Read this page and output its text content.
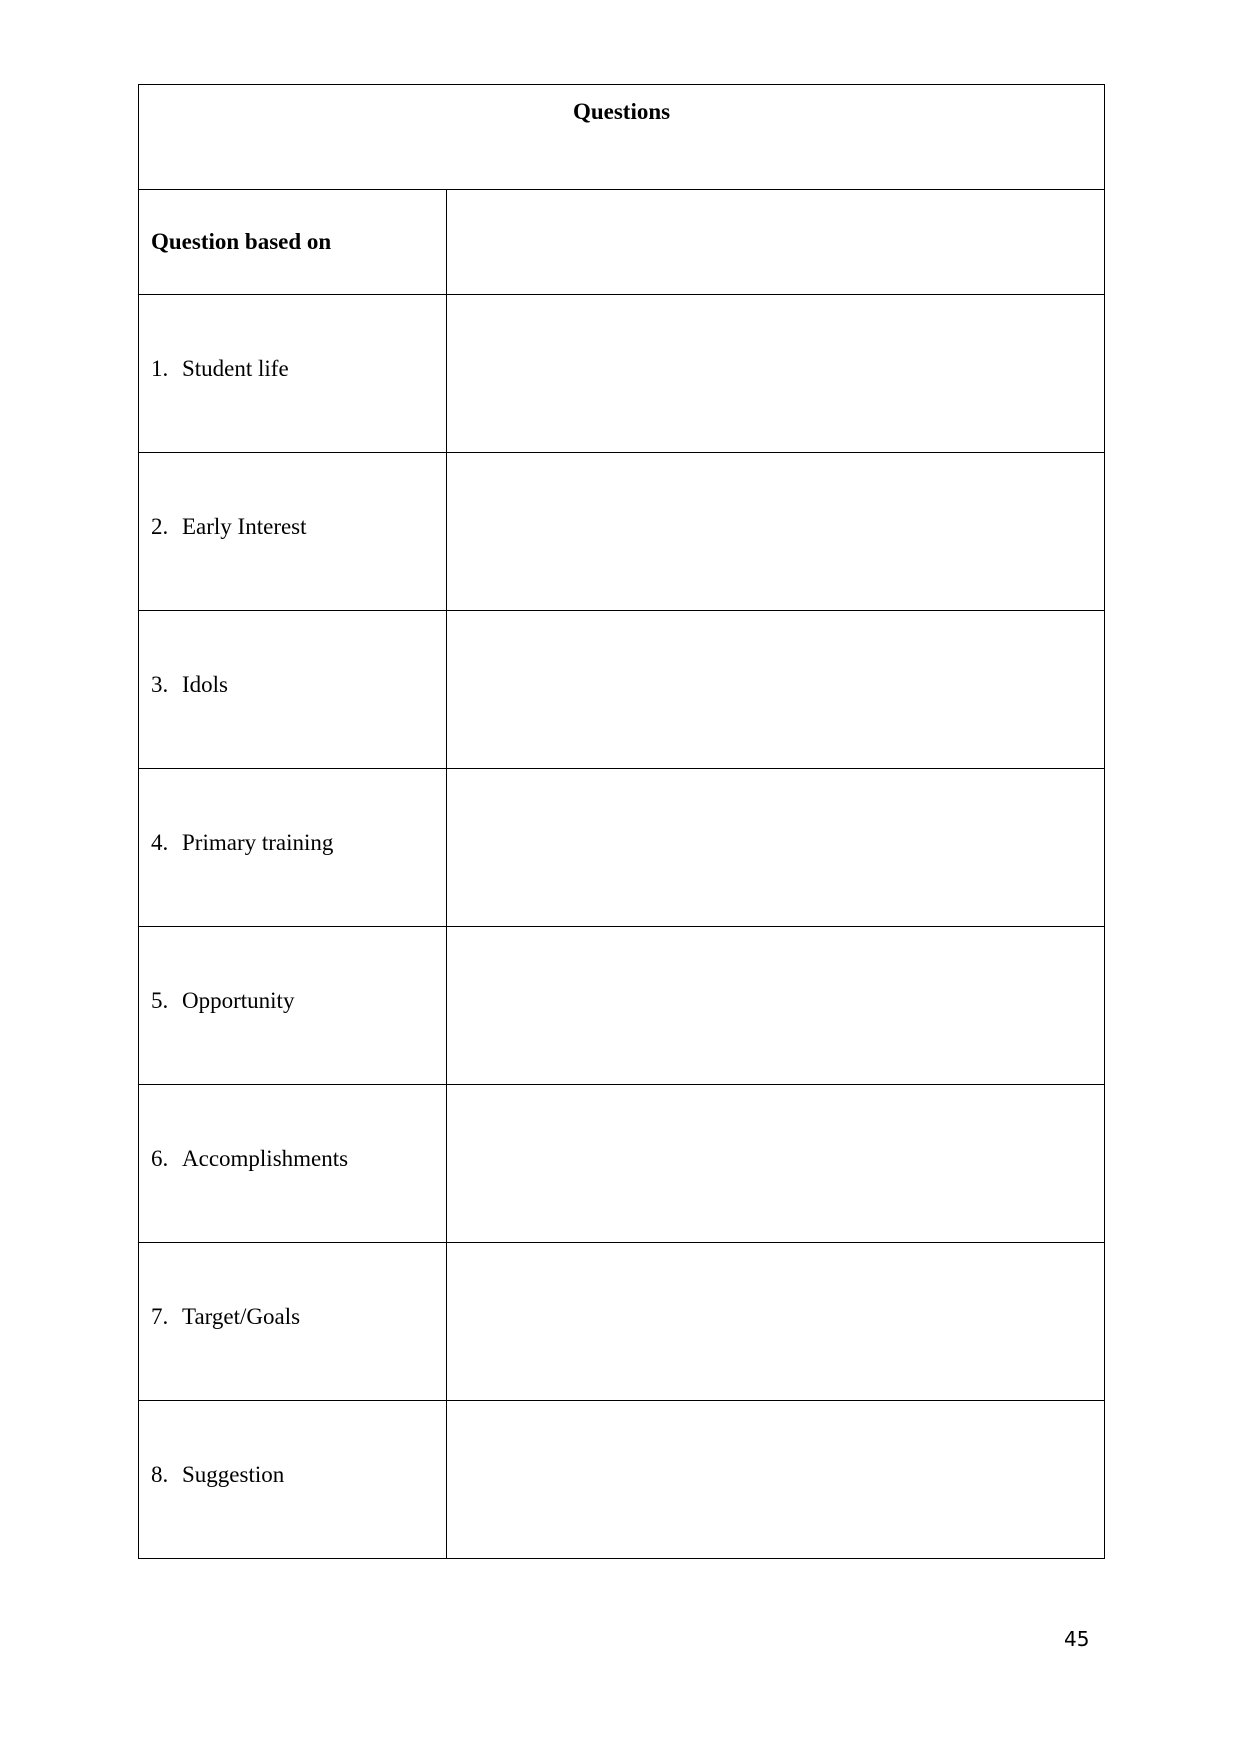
Questions	
Question based on	
1. Student life	
2. Early Interest	
3. Idols	
4. Primary training	
5. Opportunity	
6. Accomplishments	
7. Target/Goals	
8. Suggestion	
45
